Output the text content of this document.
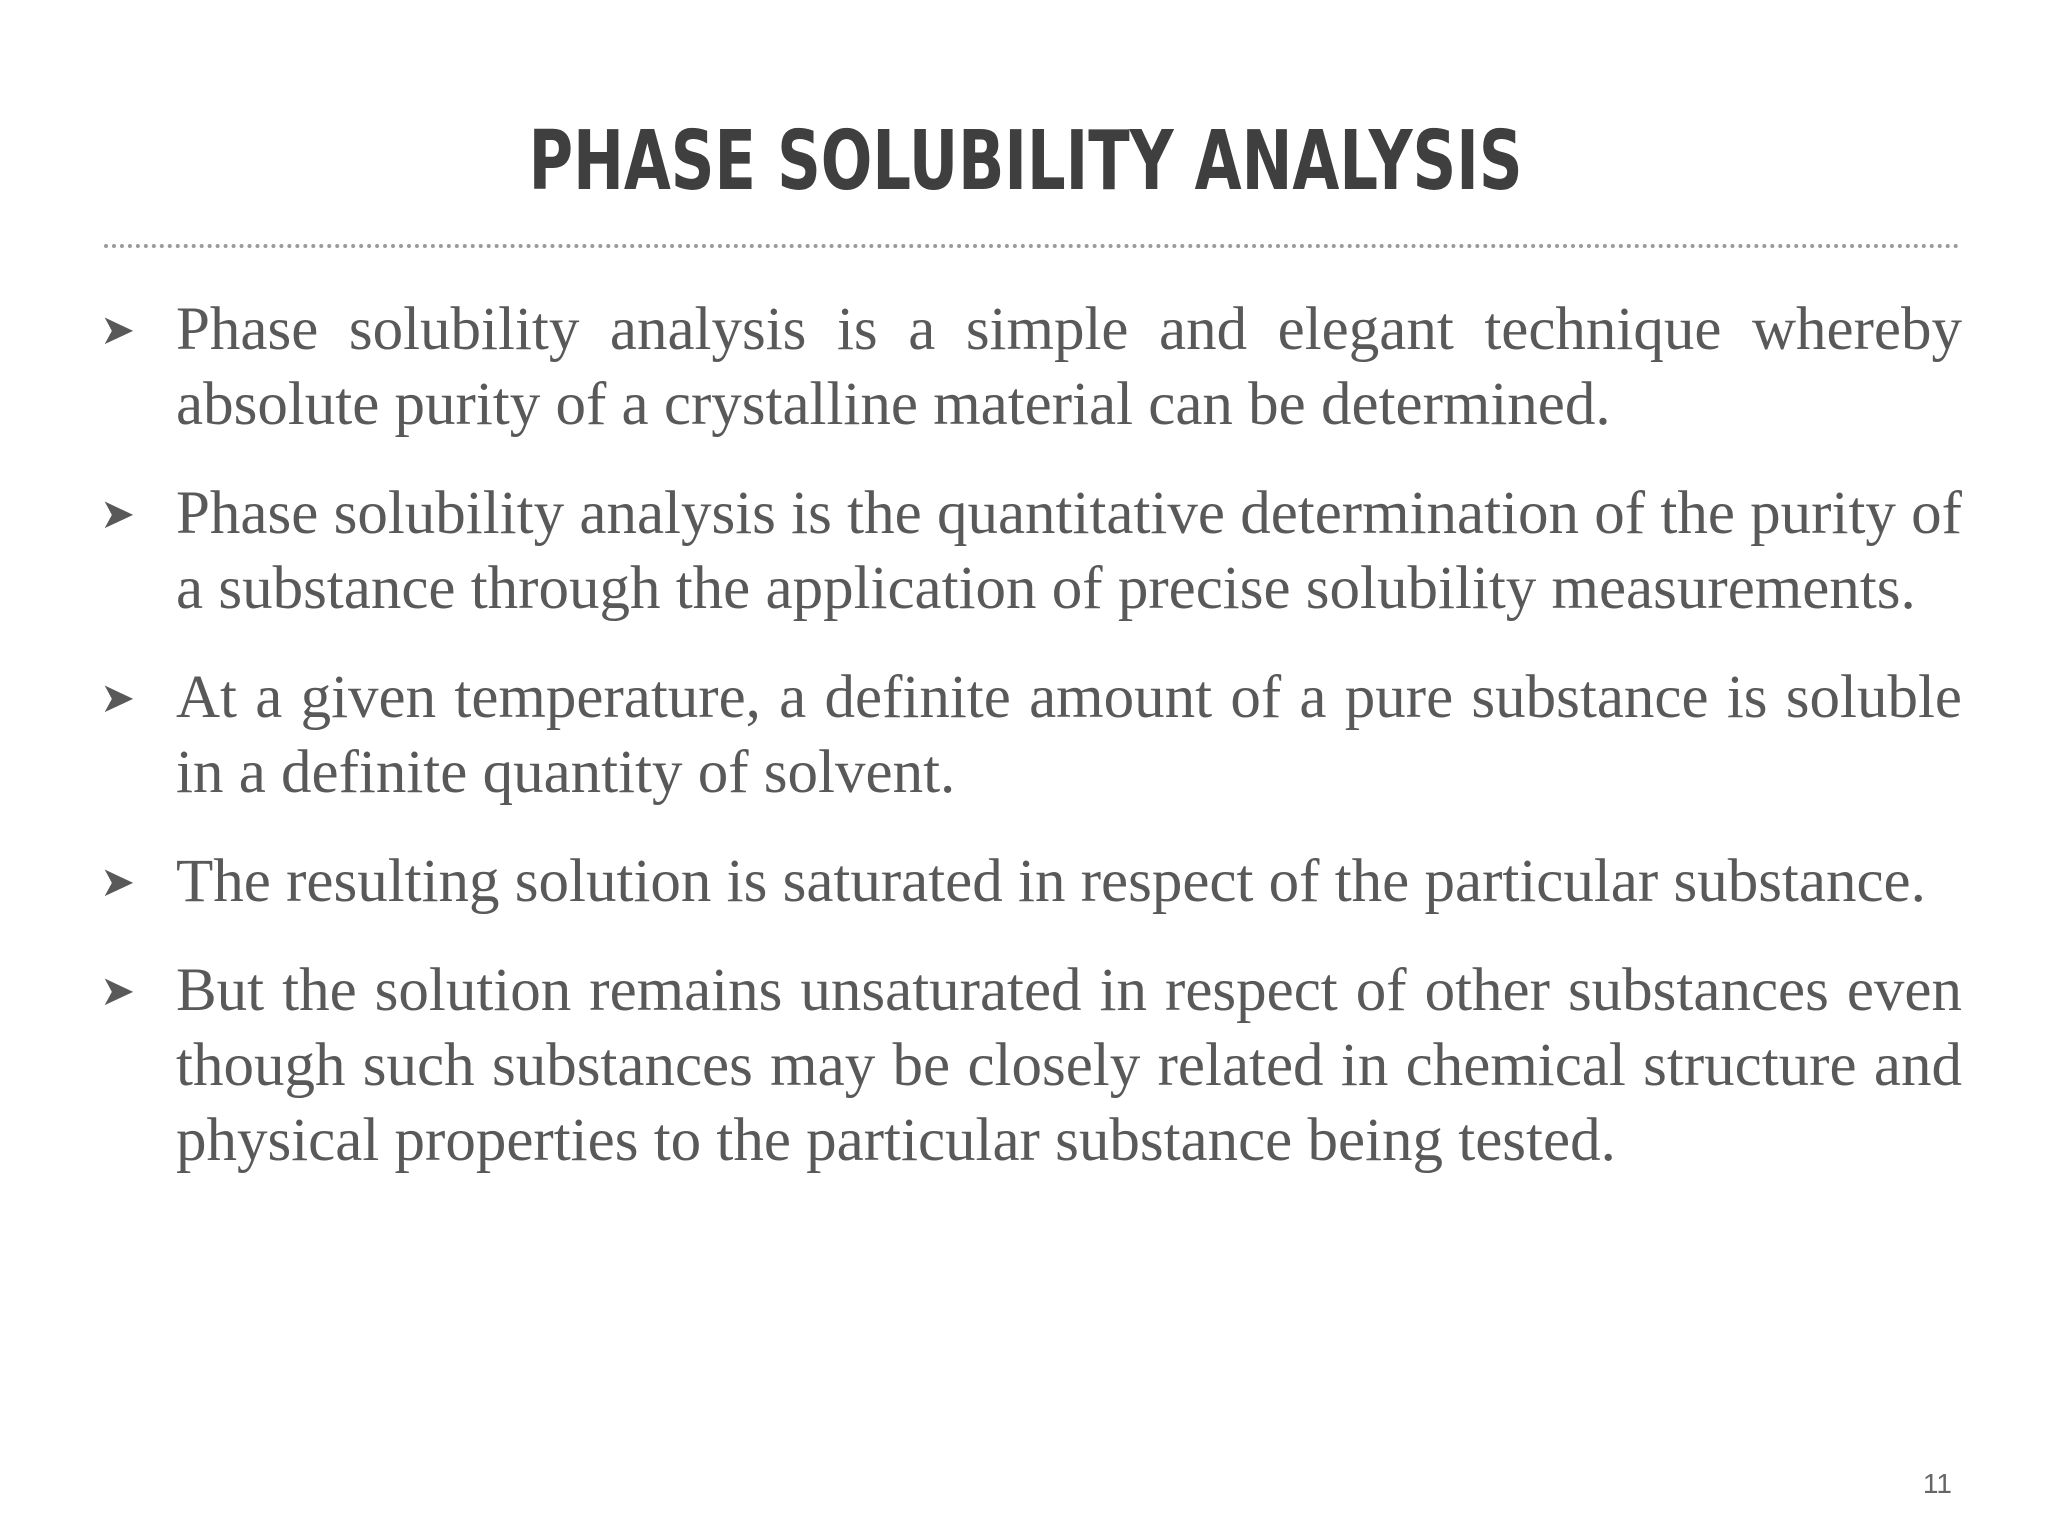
PHASE SOLUBILITY ANALYSIS
➤ Phase solubility analysis is a simple and elegant technique whereby absolute purity of a crystalline material can be determined.
➤ Phase solubility analysis is the quantitative determination of the purity of a substance through the application of precise solubility measurements.
➤ At a given temperature, a definite amount of a pure substance is soluble in a definite quantity of solvent.
➤ The resulting solution is saturated in respect of the particular substance.
➤ But the solution remains unsaturated in respect of other substances even though such substances may be closely related in chemical structure and physical properties to the particular substance being tested.
11
